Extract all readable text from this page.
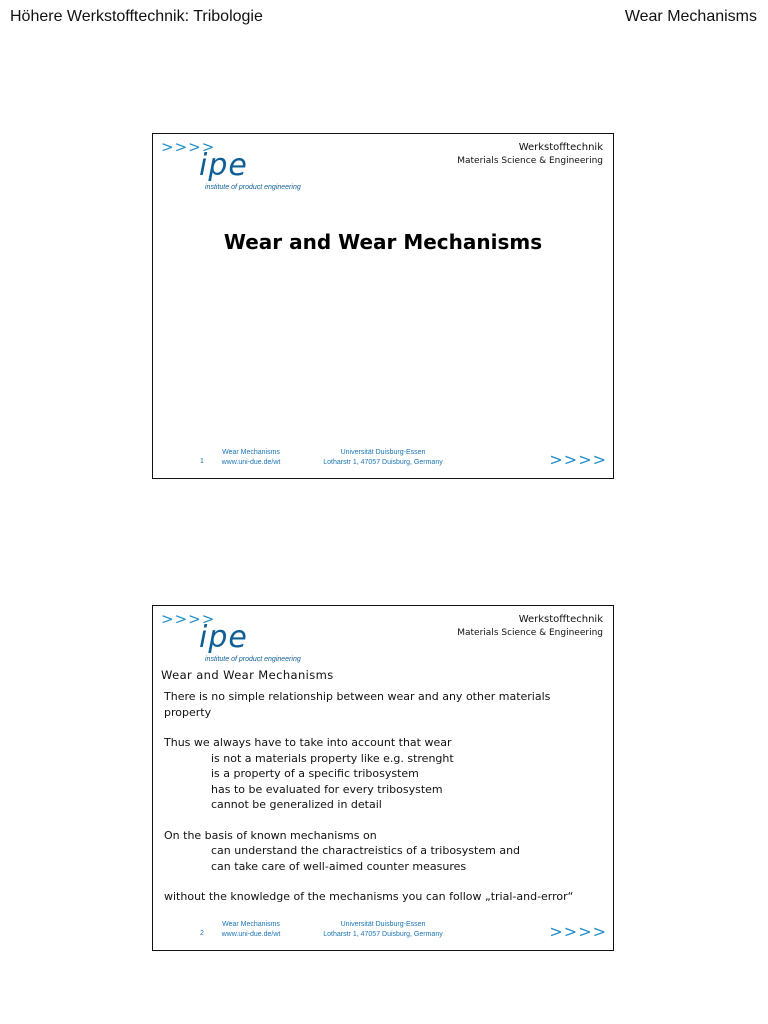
Höhere Werkstofftechnik: Tribologie	Wear Mechanisms
>>>>
ipe
institute of product engineering
Werkstofftechnik
Materials Science & Engineering
Wear and Wear Mechanisms
1
Wear Mechanisms
www.uni-due.de/wt
Universität Duisburg-Essen
Lotharstr 1, 47057 Duisburg, Germany	>>>>
>>>>
ipe
institute of product engineering
Werkstofftechnik
Materials Science & Engineering
Wear and Wear Mechanisms
There is no simple relationship between wear and any other materials
property
Thus we always have to take into account that wear
is not a materials property like e.g. strenght
is a property of a specific tribosystem
has to be evaluated for every tribosystem
cannot be generalized in detail
On the basis of known mechanisms on
can understand the charactreistics of a tribosystem and
can take care of well-aimed counter measures
without the knowledge of the mechanisms you can follow „trial-and-error“
2
Wear Mechanisms
www.uni-due.de/wt
Universität Duisburg-Essen
Lotharstr 1, 47057 Duisburg, Germany	>>>>
